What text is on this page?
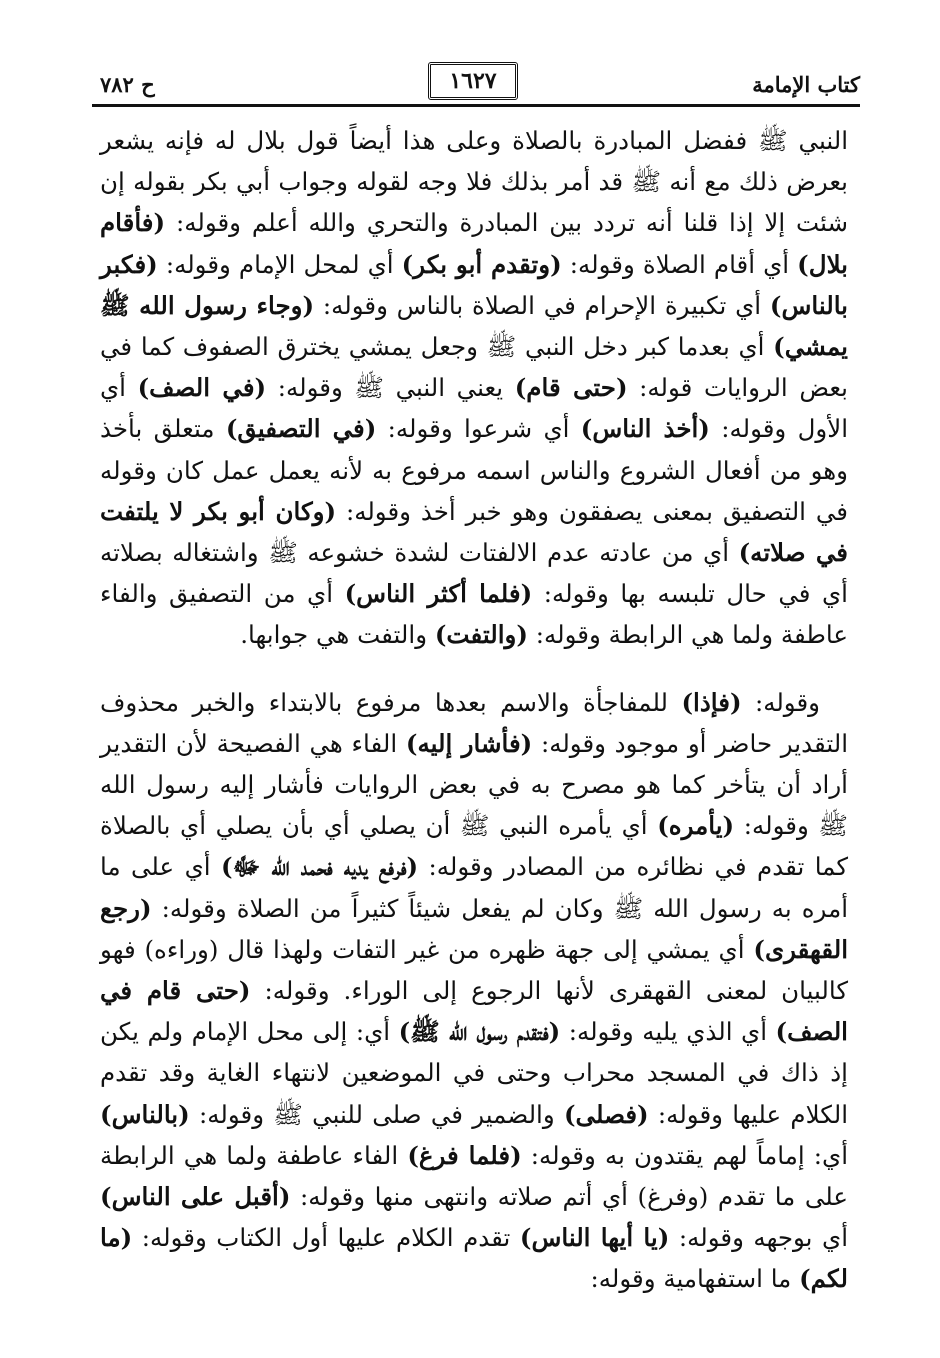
كتاب الإمامة
١٦٢٧
ح ٧٨٢

النبي ﷺ ففضل المبادرة بالصلاة وعلى هذا أيضاً قول بلال له فإنه يشعر بعرض ذلك مع أنه ﷺ قد أمر بذلك فلا وجه لقوله وجواب أبي بكر بقوله إن شئت إلا إذا قلنا أنه تردد بين المبادرة والتحري والله أعلم وقوله: (فأقام بلال) أي أقام الصلاة وقوله: (وتقدم أبو بكر) أي لمحل الإمام وقوله: (فكبر بالناس) أي تكبيرة الإحرام في الصلاة بالناس وقوله: (وجاء رسول الله ﷺ يمشي) أي بعدما كبر دخل النبي ﷺ وجعل يمشي يخترق الصفوف كما في بعض الروايات قوله: (حتى قام) يعني النبي ﷺ وقوله: (في الصف) أي الأول وقوله: (أخذ الناس) أي شرعوا وقوله: (في التصفيق) متعلق بأخذ وهو من أفعال الشروع والناس اسمه مرفوع به لأنه يعمل عمل كان وقوله في التصفيق بمعنى يصفقون وهو خبر أخذ وقوله: (وكان أبو بكر لا يلتفت في صلاته) أي من عادته عدم الالفتات لشدة خشوعه ﷺ واشتغاله بصلاته أي في حال تلبسه بها وقوله: (فلما أكثر الناس) أي من التصفيق والفاء عاطفة ولما هي الرابطة وقوله: (والتفت) والتفت هي جوابها.

وقوله: (فإذا) للمفاجأة والاسم بعدها مرفوع بالابتداء والخبر محذوف التقدير حاضر أو موجود وقوله: (فأشار إليه) الفاء هي الفصيحة لأن التقدير أراد أن يتأخر كما هو مصرح به في بعض الروايات فأشار إليه رسول الله ﷺ وقوله: (يأمره) أي يأمره النبي ﷺ أن يصلي أي بأن يصلي أي بالصلاة كما تقدم في نظائره من المصادر وقوله: (فرفع يديه فحمد الله ﷻ) أي على ما أمره به رسول الله ﷺ وكان لم يفعل شيئاً كثيراً من الصلاة وقوله: (رجع القهقرى) أي يمشي إلى جهة ظهره من غير التفات ولهذا قال (وراءه) فهو كالبيان لمعنى القهقرى لأنها الرجوع إلى الوراء. وقوله: (حتى قام في الصف) أي الذي يليه وقوله: (فتقدم رسول الله ﷺ) أي: إلى محل الإمام ولم يكن إذ ذاك في المسجد محراب وحتى في الموضعين لانتهاء الغاية وقد تقدم الكلام عليها وقوله: (فصلى) والضمير في صلى للنبي ﷺ وقوله: (بالناس) أي: إماماً لهم يقتدون به وقوله: (فلما فرغ) الفاء عاطفة ولما هي الرابطة على ما تقدم (وفرغ) أي أتم صلاته وانتهى منها وقوله: (أقبل على الناس) أي بوجهه وقوله: (يا أيها الناس) تقدم الكلام عليها أول الكتاب وقوله: (ما لكم) ما استفهامية وقوله:
